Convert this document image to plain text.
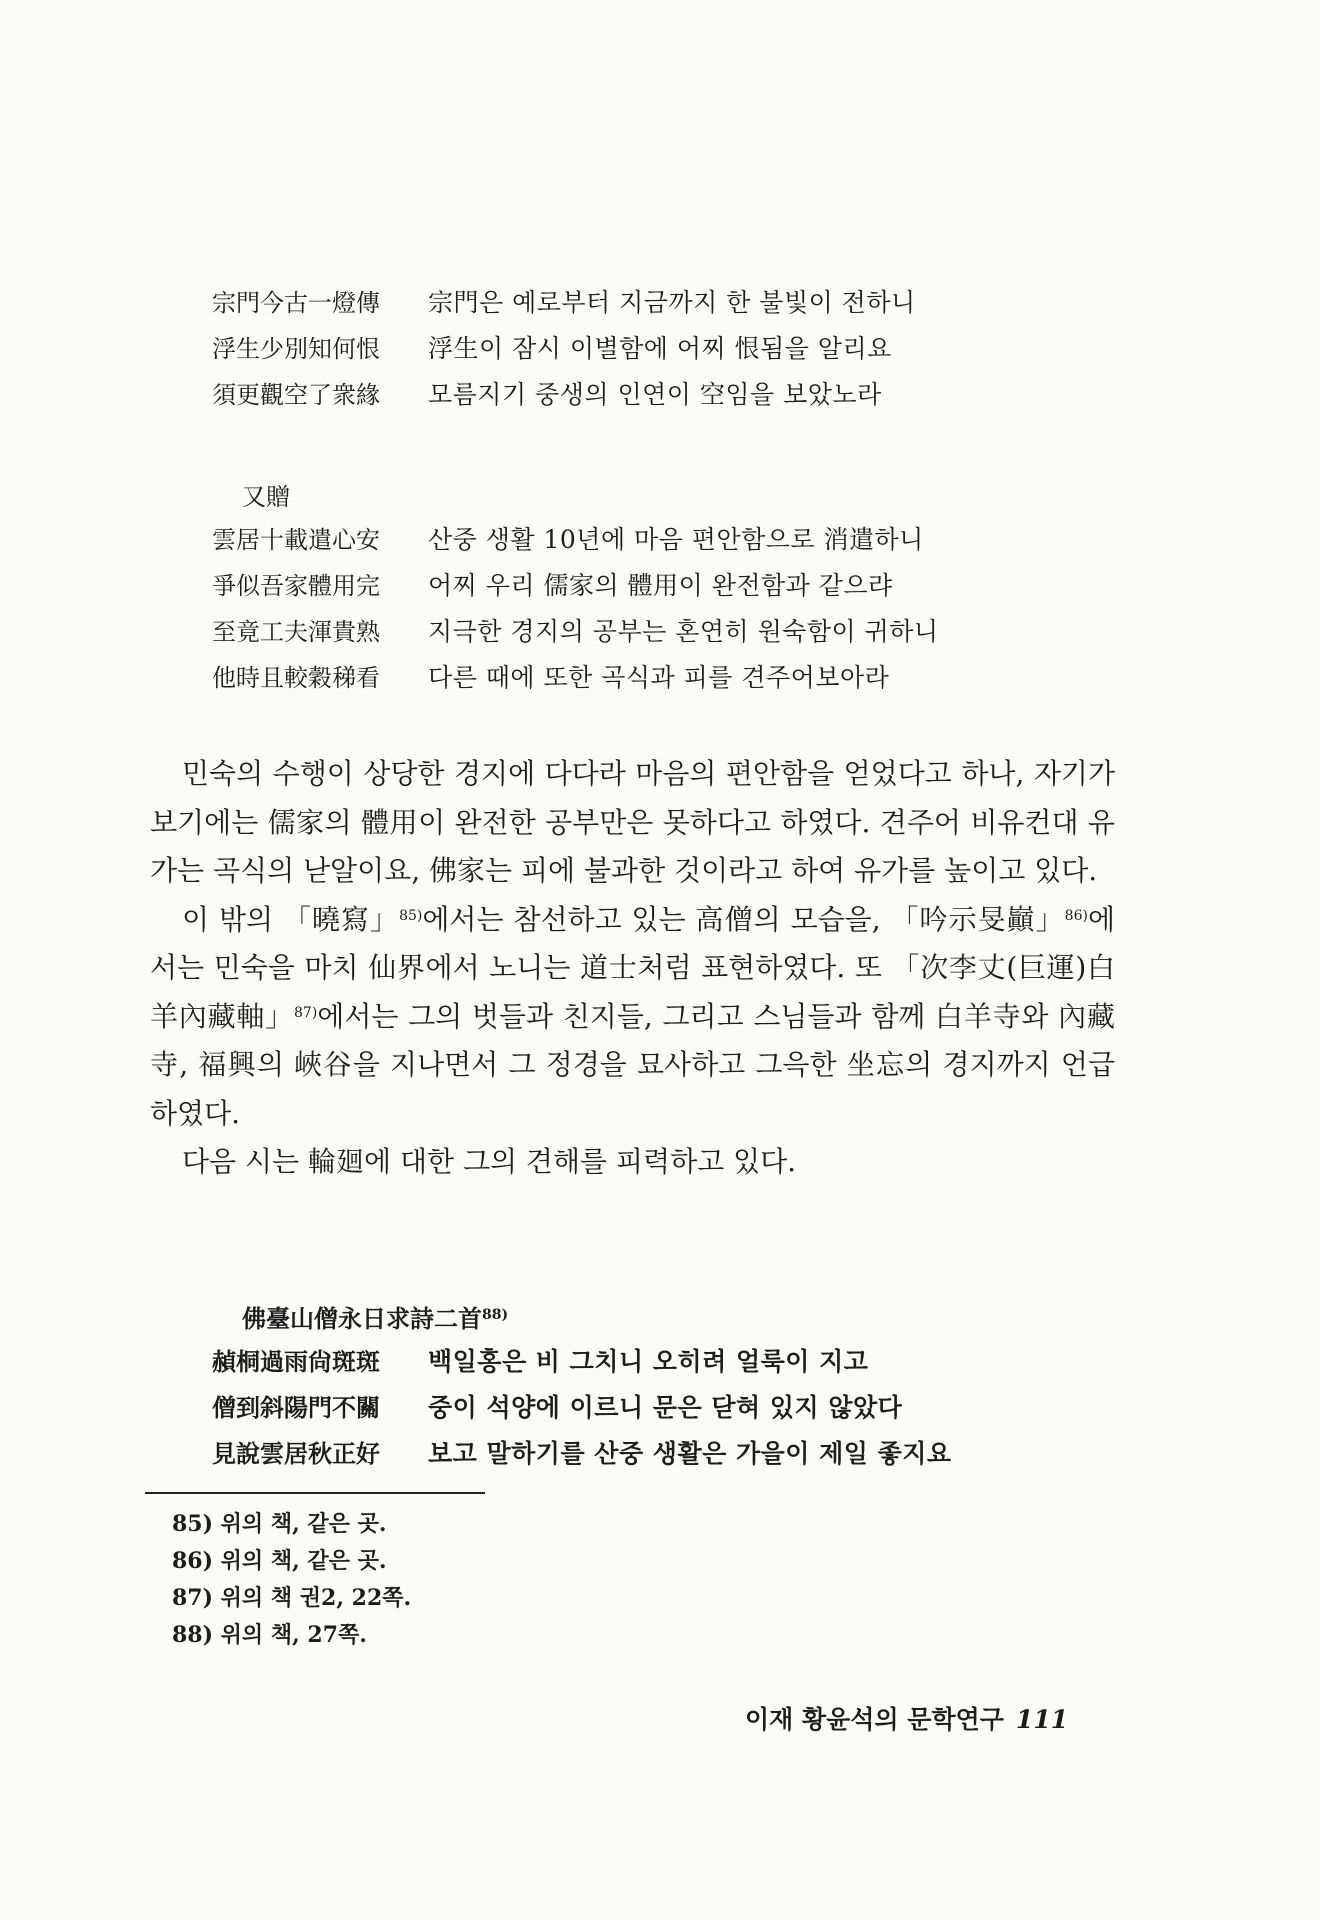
宗門今古一燈傳	宗門은 예로부터 지금까지 한 불빛이 전하니
浮生少別知何恨	浮生이 잠시 이별함에 어찌 恨됨을 알리요
須更觀空了衆緣	모름지기 중생의 인연이 空임을 보았노라
又贈
雲居十載遣心安	산중 생활 10년에 마음 편안함으로 消遣하니
爭似吾家體用完	어찌 우리 儒家의 體用이 완전함과 같으랴
至竟工夫渾貴熟	지극한 경지의 공부는 혼연히 원숙함이 귀하니
他時且較穀稊看	다른 때에 또한 곡식과 피를 견주어보아라

민숙의 수행이 상당한 경지에 다다라 마음의 편안함을 얻었다고 하나, 자기가 보기에는 儒家의 體用이 완전한 공부만은 못하다고 하였다. 견주어 비유컨대 유가는 곡식의 낟알이요, 佛家는 피에 불과한 것이라고 하여 유가를 높이고 있다.

이 밖의 「曉寫」$^{85)}$에서는 참선하고 있는 高僧의 모습을, 「吟示旻巓」$^{86)}$에서는 민숙을 마치 仙界에서 노니는 道士처럼 표현하였다. 또 「次李丈(巨運)白羊內藏軸」$^{87)}$에서는 그의 벗들과 친지들, 그리고 스님들과 함께 白羊寺와 內藏寺, 福興의 峽谷을 지나면서 그 정경을 묘사하고 그윽한 坐忘의 경지까지 언급하였다.

다음 시는 輪廻에 대한 그의 견해를 피력하고 있다.

佛臺山僧永日求詩二首$^{88)}$
赬桐過雨尙斑斑	백일홍은 비 그치니 오히려 얼룩이 지고
僧到斜陽門不關	중이 석양에 이르니 문은 닫혀 있지 않았다
見說雲居秋正好	보고 말하기를 산중 생활은 가을이 제일 좋지요
85) 위의 책, 같은 곳.
86) 위의 책, 같은 곳.
87) 위의 책 권2, 22쪽.
88) 위의 책, 27쪽.
이재 황윤석의 문학연구 111
